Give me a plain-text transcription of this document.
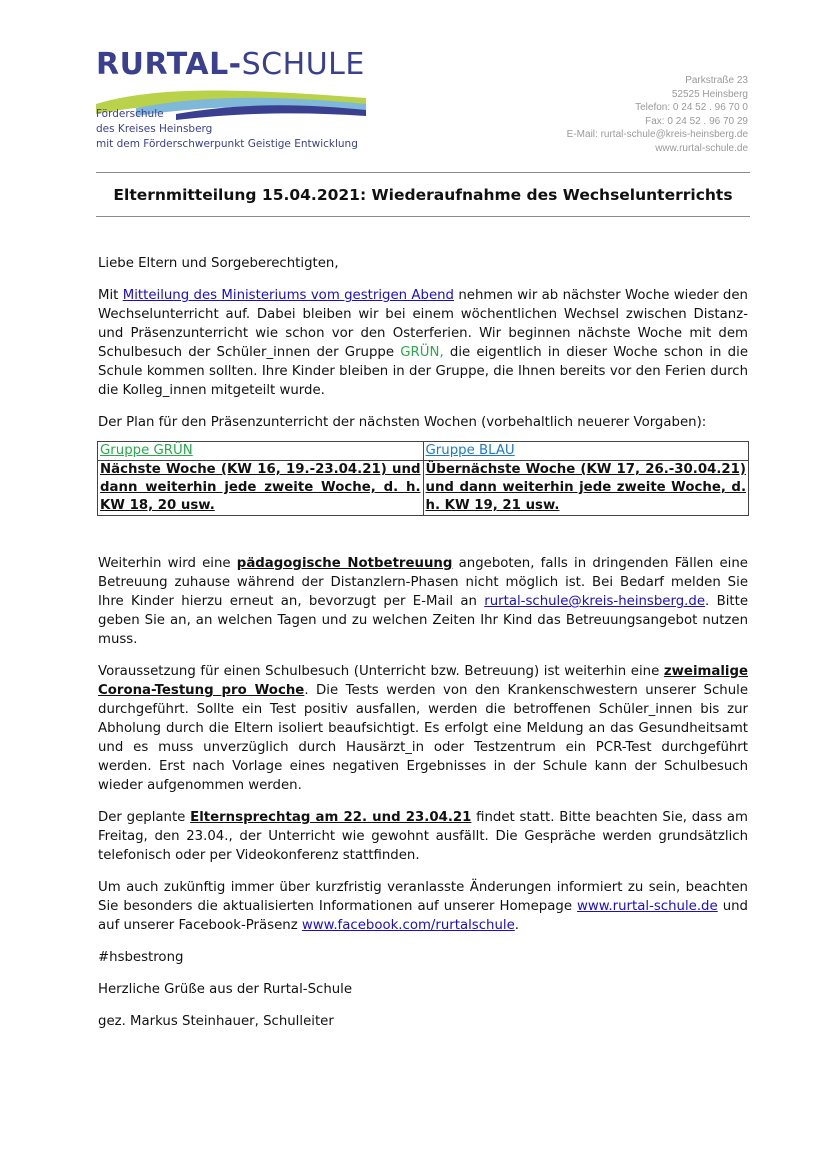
RURTAL-SCHULE
Förderschule
des Kreises Heinsberg
mit dem Förderschwerpunkt Geistige Entwicklung
Parkstraße 23
52525 Heinsberg
Telefon: 0 24 52 . 96 70 0
Fax: 0 24 52 . 96 70 29
E-Mail: rurtal-schule@kreis-heinsberg.de
www.rurtal-schule.de
Elternmitteilung 15.04.2021: Wiederaufnahme des Wechselunterrichts

Liebe Eltern und Sorgeberechtigten,

Mit Mitteilung des Ministeriums vom gestrigen Abend nehmen wir ab nächster Woche wieder den Wechselunterricht auf. Dabei bleiben wir bei einem wöchentlichen Wechsel zwischen Distanz- und Präsenzunterricht wie schon vor den Osterferien. Wir beginnen nächste Woche mit dem Schulbesuch der Schüler_innen der Gruppe GRÜN, die eigentlich in dieser Woche schon in die Schule kommen sollten. Ihre Kinder bleiben in der Gruppe, die Ihnen bereits vor den Ferien durch die Kolleg_innen mitgeteilt wurde.

Der Plan für den Präsenzunterricht der nächsten Wochen (vorbehaltlich neuerer Vorgaben):

Gruppe GRÜN	Gruppe BLAU

Nächste Woche (KW 16, 19.-23.04.21) und dann weiterhin jede zweite Woche, d. h. KW 18, 20 usw.	Übernächste Woche (KW 17, 26.-30.04.21) und dann weiterhin jede zweite Woche, d. h. KW 19, 21 usw.

Weiterhin wird eine pädagogische Notbetreuung angeboten, falls in dringenden Fällen eine Betreuung zuhause während der Distanzlern-Phasen nicht möglich ist. Bei Bedarf melden Sie Ihre Kinder hierzu erneut an, bevorzugt per E-Mail an rurtal-schule@kreis-heinsberg.de. Bitte geben Sie an, an welchen Tagen und zu welchen Zeiten Ihr Kind das Betreuungsangebot nutzen muss.

Voraussetzung für einen Schulbesuch (Unterricht bzw. Betreuung) ist weiterhin eine zweimalige Corona-Testung pro Woche. Die Tests werden von den Krankenschwestern unserer Schule durchgeführt. Sollte ein Test positiv ausfallen, werden die betroffenen Schüler_innen bis zur Abholung durch die Eltern isoliert beaufsichtigt. Es erfolgt eine Meldung an das Gesundheitsamt und es muss unverzüglich durch Hausärzt_in oder Testzentrum ein PCR-Test durchgeführt werden. Erst nach Vorlage eines negativen Ergebnisses in der Schule kann der Schulbesuch wieder aufgenommen werden.

Der geplante Elternsprechtag am 22. und 23.04.21 findet statt. Bitte beachten Sie, dass am Freitag, den 23.04., der Unterricht wie gewohnt ausfällt. Die Gespräche werden grundsätzlich telefonisch oder per Videokonferenz stattfinden.

Um auch zukünftig immer über kurzfristig veranlasste Änderungen informiert zu sein, beachten Sie besonders die aktualisierten Informationen auf unserer Homepage www.rurtal-schule.de und auf unserer Facebook-Präsenz www.facebook.com/rurtalschule.

#hsbestrong

Herzliche Grüße aus der Rurtal-Schule

gez. Markus Steinhauer, Schulleiter
